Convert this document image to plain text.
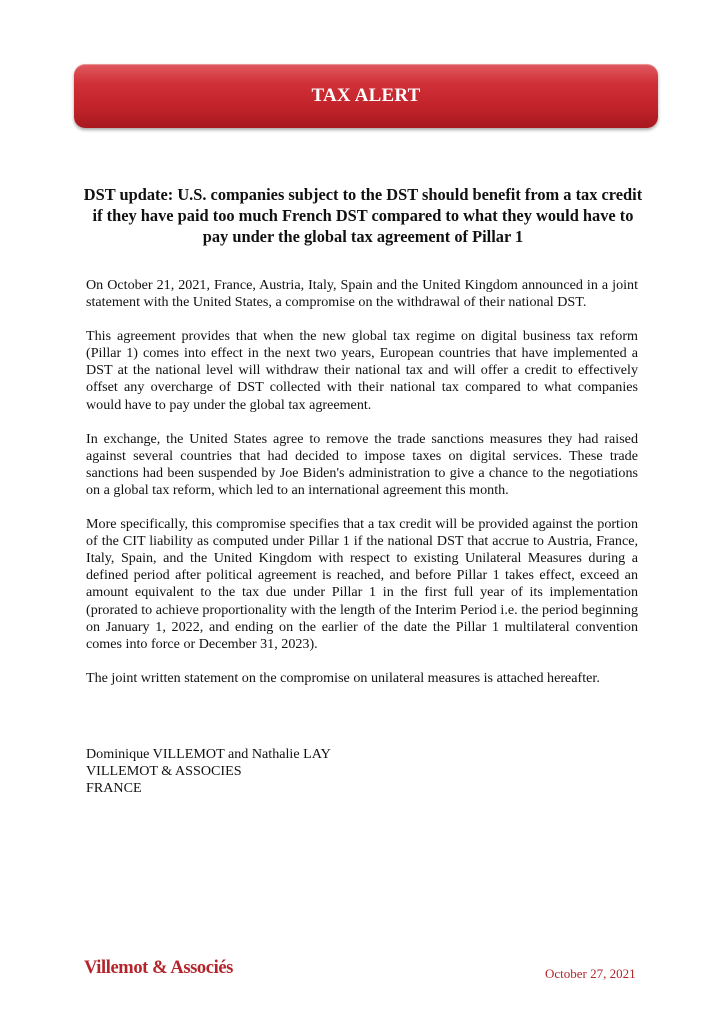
TAX ALERT
DST update: U.S. companies subject to the DST should benefit from a tax credit if they have paid too much French DST compared to what they would have to pay under the global tax agreement of Pillar 1

On October 21, 2021, France, Austria, Italy, Spain and the United Kingdom announced in a joint statement with the United States, a compromise on the withdrawal of their national DST.

This agreement provides that when the new global tax regime on digital business tax reform (Pillar 1) comes into effect in the next two years, European countries that have implemented a DST at the national level will withdraw their national tax and will offer a credit to effectively offset any overcharge of DST collected with their national tax compared to what companies would have to pay under the global tax agreement.

In exchange, the United States agree to remove the trade sanctions measures they had raised against several countries that had decided to impose taxes on digital services. These trade sanctions had been suspended by Joe Biden's administration to give a chance to the negotiations on a global tax reform, which led to an international agreement this month.

More specifically, this compromise specifies that a tax credit will be provided against the portion of the CIT liability as computed under Pillar 1 if the national DST that accrue to Austria, France, Italy, Spain, and the United Kingdom with respect to existing Unilateral Measures during a defined period after political agreement is reached, and before Pillar 1 takes effect, exceed an amount equivalent to the tax due under Pillar 1 in the first full year of its implementation (prorated to achieve proportionality with the length of the Interim Period i.e. the period beginning on January 1, 2022, and ending on the earlier of the date the Pillar 1 multilateral convention comes into force or December 31, 2023).

The joint written statement on the compromise on unilateral measures is attached hereafter.

Dominique VILLEMOT and Nathalie LAY
VILLEMOT & ASSOCIES
FRANCE
Villemot & Associés	October 27, 2021
